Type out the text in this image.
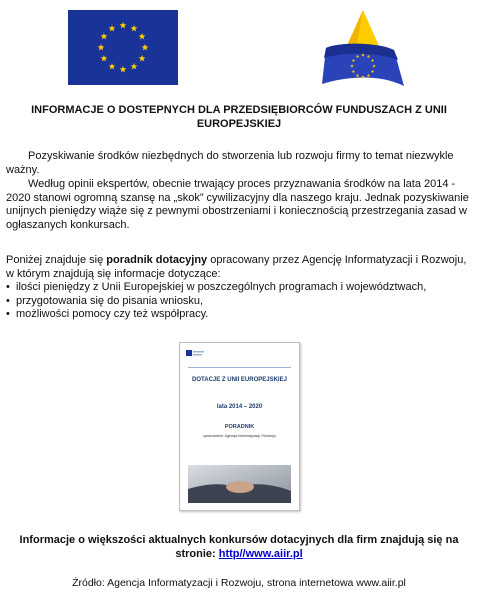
INFORMACJE O DOSTEPNYCH DLA PRZEDSIĘBIORCÓW FUNDUSZACH Z UNII EUROPEJSKIEJ

Pozyskiwanie środków niezbędnych do stworzenia lub rozwoju firmy to temat niezwykle ważny.

Według opinii ekspertów, obecnie trwający proces przyznawania środków na lata 2014 - 2020 stanowi ogromną szansę na „skok” cywilizacyjny dla naszego kraju. Jednak pozyskiwanie unijnych pieniędzy wiąże się z pewnymi obostrzeniami i koniecznością przestrzegania zasad w ogłaszanych konkursach.

Poniżej znajduje się poradnik dotacyjny opracowany przez Agencję Informatyzacji i Rozwoju, w którym znajdują się informacje dotyczące:

• ilości pieniędzy z Unii Europejskiej w poszczególnych programach i województwach,
• przygotowania się do pisania wniosku,
• możliwości pomocy czy też współpracy.
DOTACJE Z UNII EUROPEJSKIEJ
lata 2014 – 2020
PORADNIK
opracowanie: Agencja Informatyzacji i Rozwoju
Informacje o większości aktualnych konkursów dotacyjnych dla firm znajdują się na stronie: http//www.aiir.pl
Źródło: Agencja Informatyzacji i Rozwoju, strona internetowa www.aiir.pl
